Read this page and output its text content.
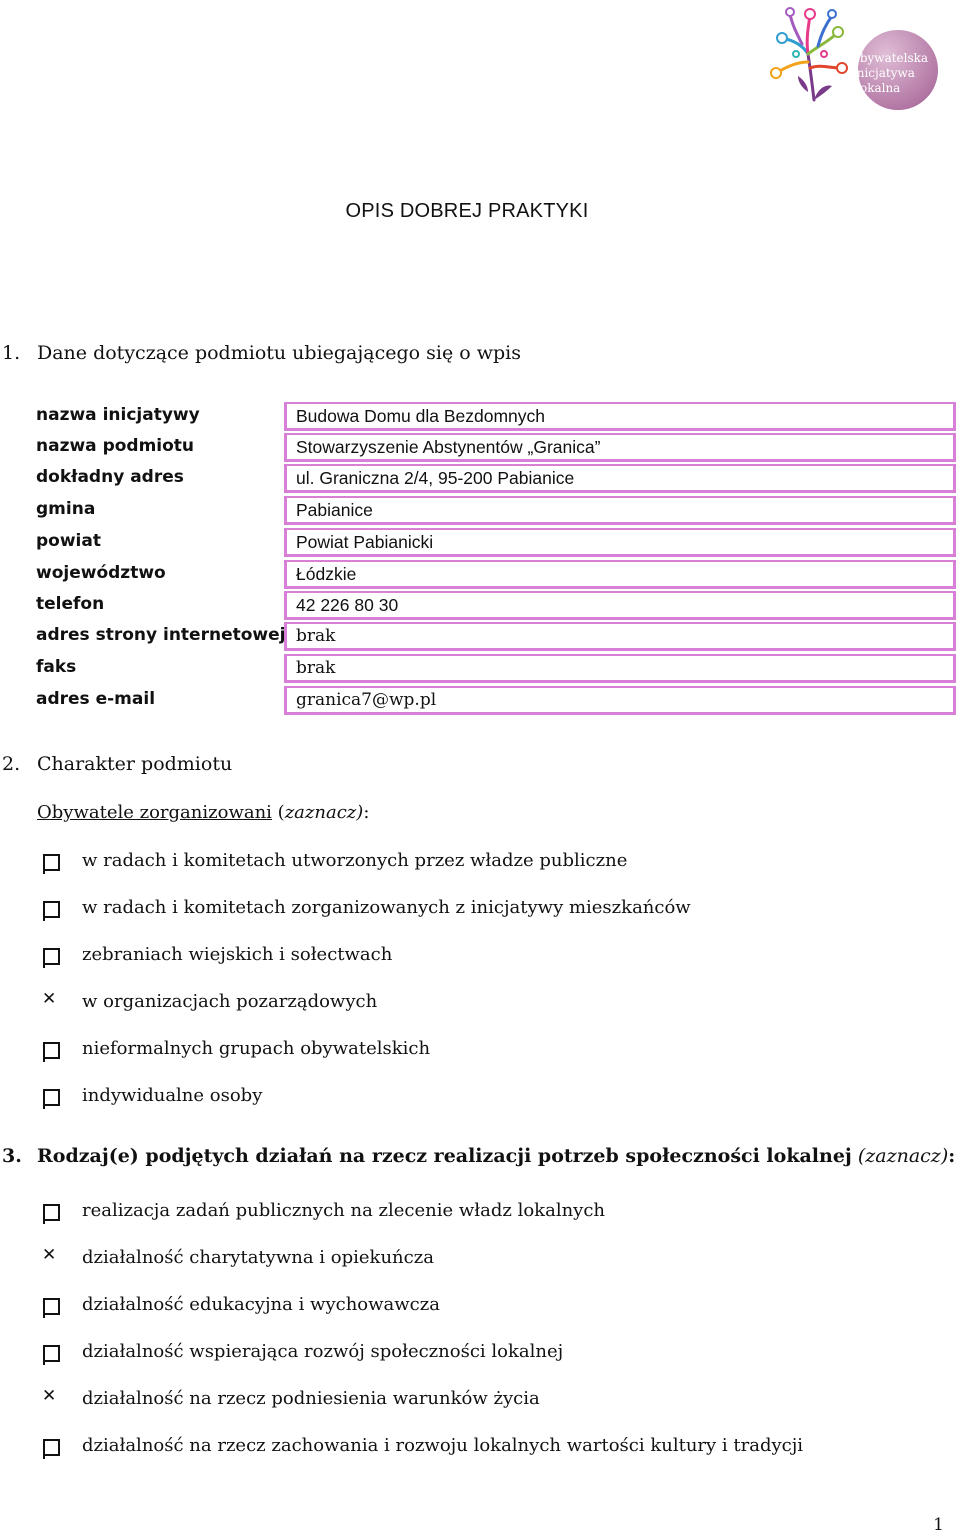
Obywatelska
Inicjatywa
Lokalna
OPIS DOBREJ PRAKTYKI
1. Dane dotyczące podmiotu ubiegającego się o wpis
nazwa inicjatywy	Budowa Domu dla Bezdomnych
nazwa podmiotu	Stowarzyszenie Abstynentów „Granica”
dokładny adres	ul. Graniczna 2/4, 95-200 Pabianice
gmina	Pabianice
powiat	Powiat Pabianicki
województwo	Łódzkie
telefon	42 226 80 30
adres strony internetowej brak
faks	brak
adres e-mail	granica7@wp.pl
2. Charakter podmiotu
Obywatele zorganizowani (zaznacz):
w radach i komitetach utworzonych przez władze publiczne
w radach i komitetach zorganizowanych z inicjatywy mieszkańców
zebraniach wiejskich i sołectwach
✕ w organizacjach pozarządowych
nieformalnych grupach obywatelskich
indywidualne osoby
3. Rodzaj(e) podjętych działań na rzecz realizacji potrzeb społeczności lokalnej (zaznacz):
realizacja zadań publicznych na zlecenie władz lokalnych
✕ działalność charytatywna i opiekuńcza
działalność edukacyjna i wychowawcza
działalność wspierająca rozwój społeczności lokalnej
✕ działalność na rzecz podniesienia warunków życia
działalność na rzecz zachowania i rozwoju lokalnych wartości kultury i tradycji
1
